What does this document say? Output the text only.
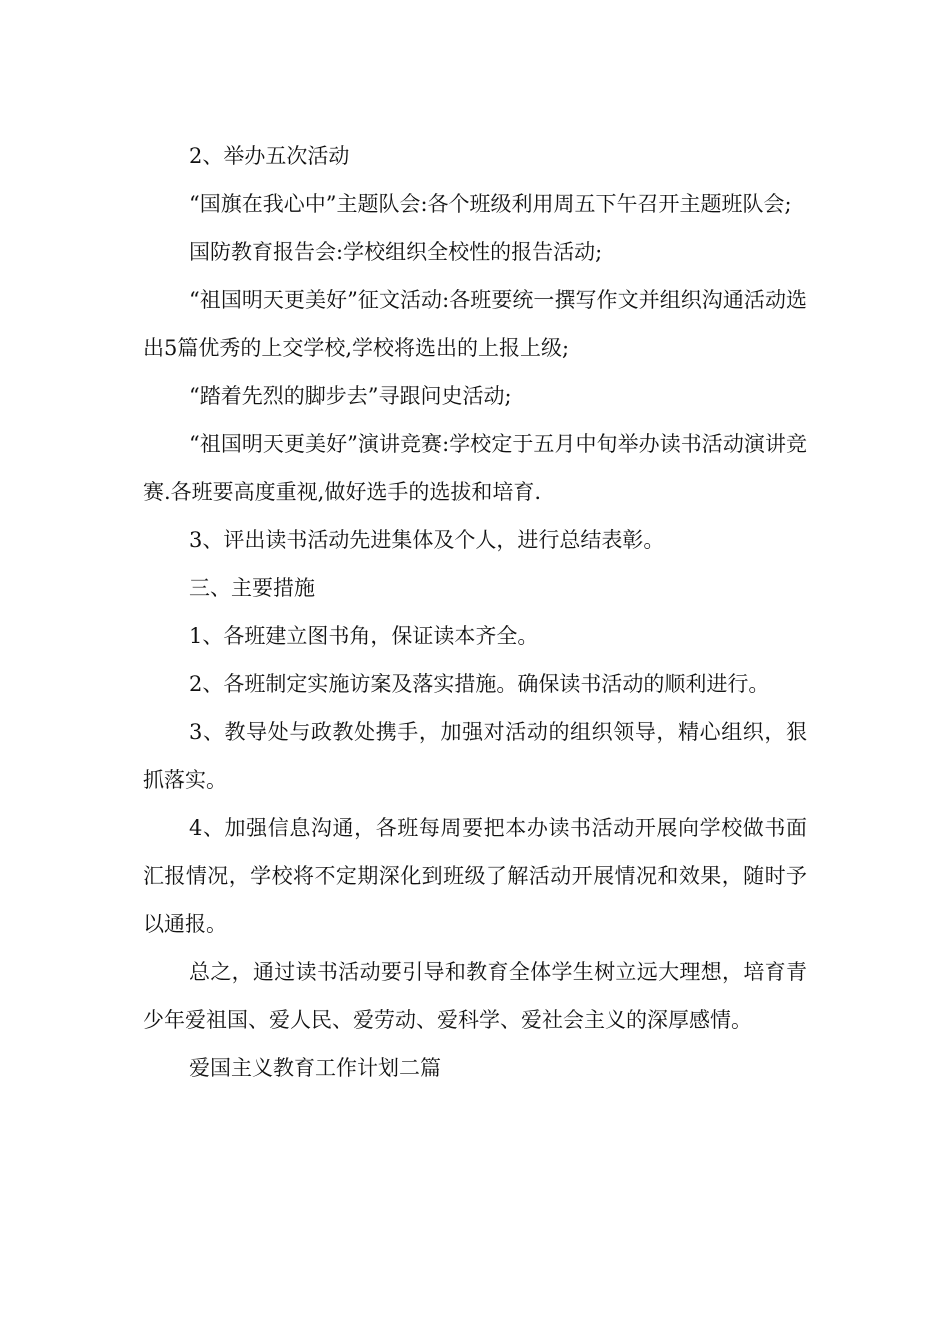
2、举办五次活动

“国旗在我心中”主题队会:各个班级利用周五下午召开主题班队会;

国防教育报告会:学校组织全校性的报告活动;

“祖国明天更美好”征文活动:各班要统一撰写作文并组织沟通活动选出5篇优秀的上交学校,学校将选出的上报上级;

“踏着先烈的脚步去”寻跟问史活动;

“祖国明天更美好”演讲竞赛:学校定于五月中旬举办读书活动演讲竞赛.各班要高度重视,做好选手的选拔和培育.

3、评出读书活动先进集体及个人，进行总结表彰。

三、主要措施

1、各班建立图书角，保证读本齐全。

2、各班制定实施访案及落实措施。确保读书活动的顺利进行。

3、教导处与政教处携手，加强对活动的组织领导，精心组织，狠抓落实。

4、加强信息沟通，各班每周要把本办读书活动开展向学校做书面汇报情况，学校将不定期深化到班级了解活动开展情况和效果，随时予以通报。

总之，通过读书活动要引导和教育全体学生树立远大理想，培育青少年爱祖国、爱人民、爱劳动、爱科学、爱社会主义的深厚感情。

爱国主义教育工作计划二篇
